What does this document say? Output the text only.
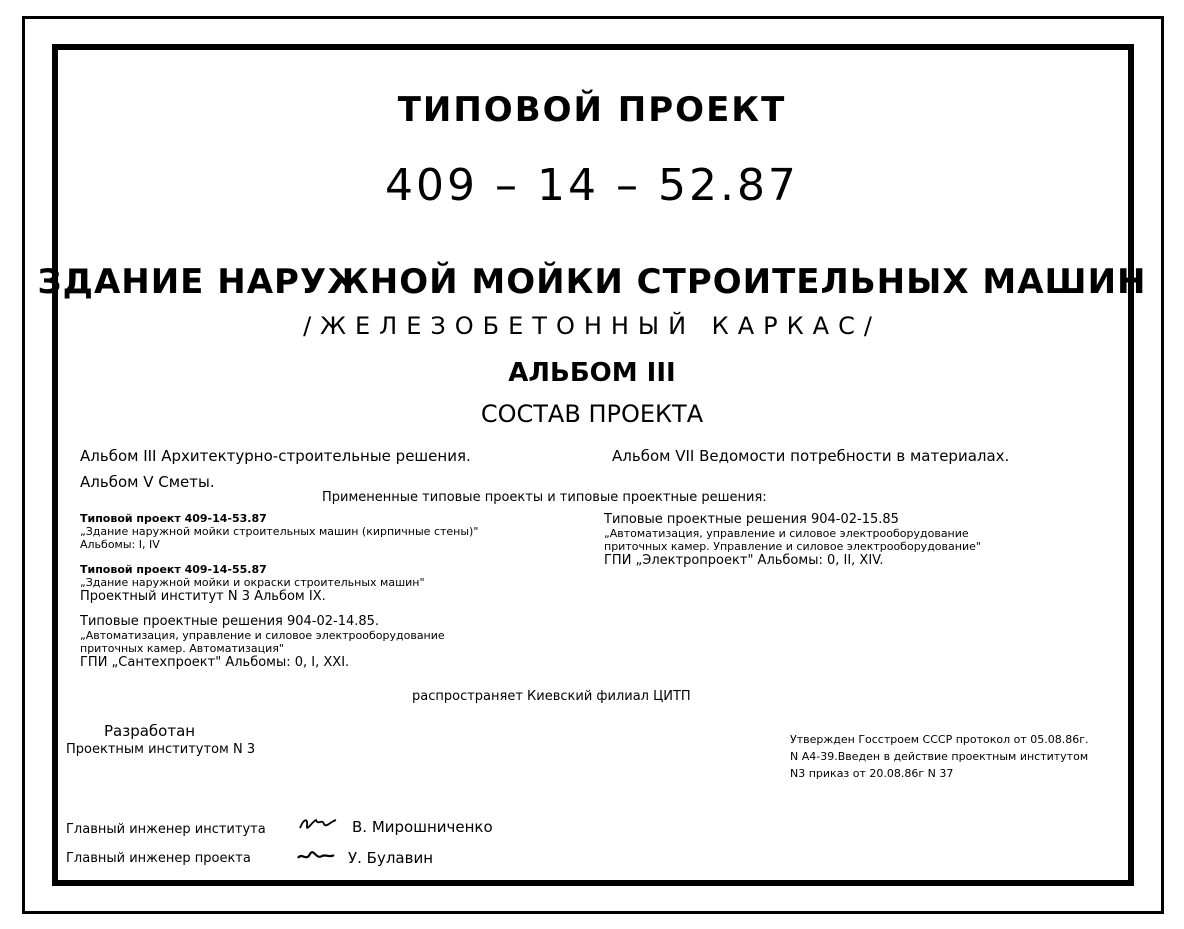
ТИПОВОЙ ПРОЕКТ
409 – 14 – 52.87
ЗДАНИЕ НАРУЖНОЙ МОЙКИ СТРОИТЕЛЬНЫХ МАШИН
/ЖЕЛЕЗОБЕТОННЫЙ КАРКАС/
АЛЬБОМ III
СОСТАВ ПРОЕКТА
Альбом III Архитектурно-строительные решения.	Альбом VII Ведомости потребности в материалах.
Альбом V Сметы.
Примененные типовые проекты и типовые проектные решения:
Типовой проект 409-14-53.87
„Здание наружной мойки строительных машин (кирпичные стены)"
Альбомы: I, IV
Типовой проект 409-14-55.87
„Здание наружной мойки и окраски строительных машин"
Проектный институт N 3 Альбом IX.
Типовые проектные решения 904-02-14.85.
„Автоматизация, управление и силовое электрооборудование
приточных камер. Автоматизация"
ГПИ „Сантехпроект" Альбомы: 0, I, XXI.
Типовые проектные решения 904-02-15.85
„Автоматизация, управление и силовое электрооборудование
приточных камер. Управление и силовое электрооборудование"
ГПИ „Электропроект" Альбомы: 0, II, XIV.
распространяет Киевский филиал ЦИТП
Разработан
Проектным институтом N 3
Утвержден Госстроем СССР протокол от 05.08.86г.
N А4-39.Введен в действие проектным институтом
N3 приказ от 20.08.86г N 37
Главный инженер института	В. Мирошниченко
Главный инженер проекта	У. Булавин
